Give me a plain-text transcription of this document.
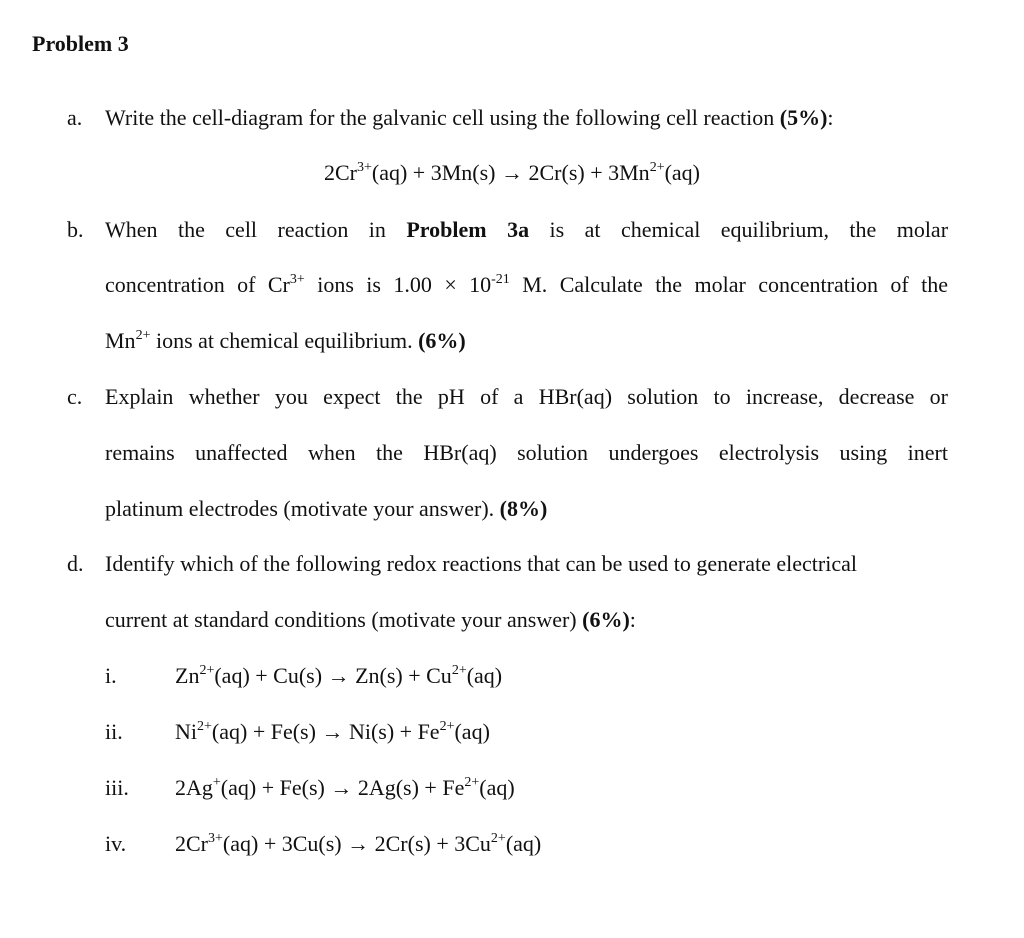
Problem 3
a. Write the cell-diagram for the galvanic cell using the following cell reaction (5%):
$2Cr^{3+}(aq) + 3Mn(s) \to 2Cr(s) + 3Mn^{2+}(aq)$
b. When the cell reaction in Problem 3a is at chemical equilibrium, the molar
concentration of $Cr^{3+}$ ions is $1.00 \times 10^{-21}$ M. Calculate the molar concentration of the
$Mn^{2+}$ ions at chemical equilibrium. (6%)
c. Explain whether you expect the pH of a HBr(aq) solution to increase, decrease or
remains unaffected when the HBr(aq) solution undergoes electrolysis using inert
platinum electrodes (motivate your answer). (8%)
d. Identify which of the following redox reactions that can be used to generate electrical
current at standard conditions (motivate your answer) (6%):
i.	$Zn^{2+}(aq) + Cu(s) \to Zn(s) + Cu^{2+}(aq)$
ii. $Ni^{2+}(aq) + Fe(s) \to Ni(s) + Fe^{2+}(aq)$
iii. $2Ag^+(aq) + Fe(s) \to 2Ag(s) + Fe^{2+}(aq)$
iv. $2Cr^{3+}(aq) + 3Cu(s) \to 2Cr(s) + 3Cu^{2+}(aq)$
